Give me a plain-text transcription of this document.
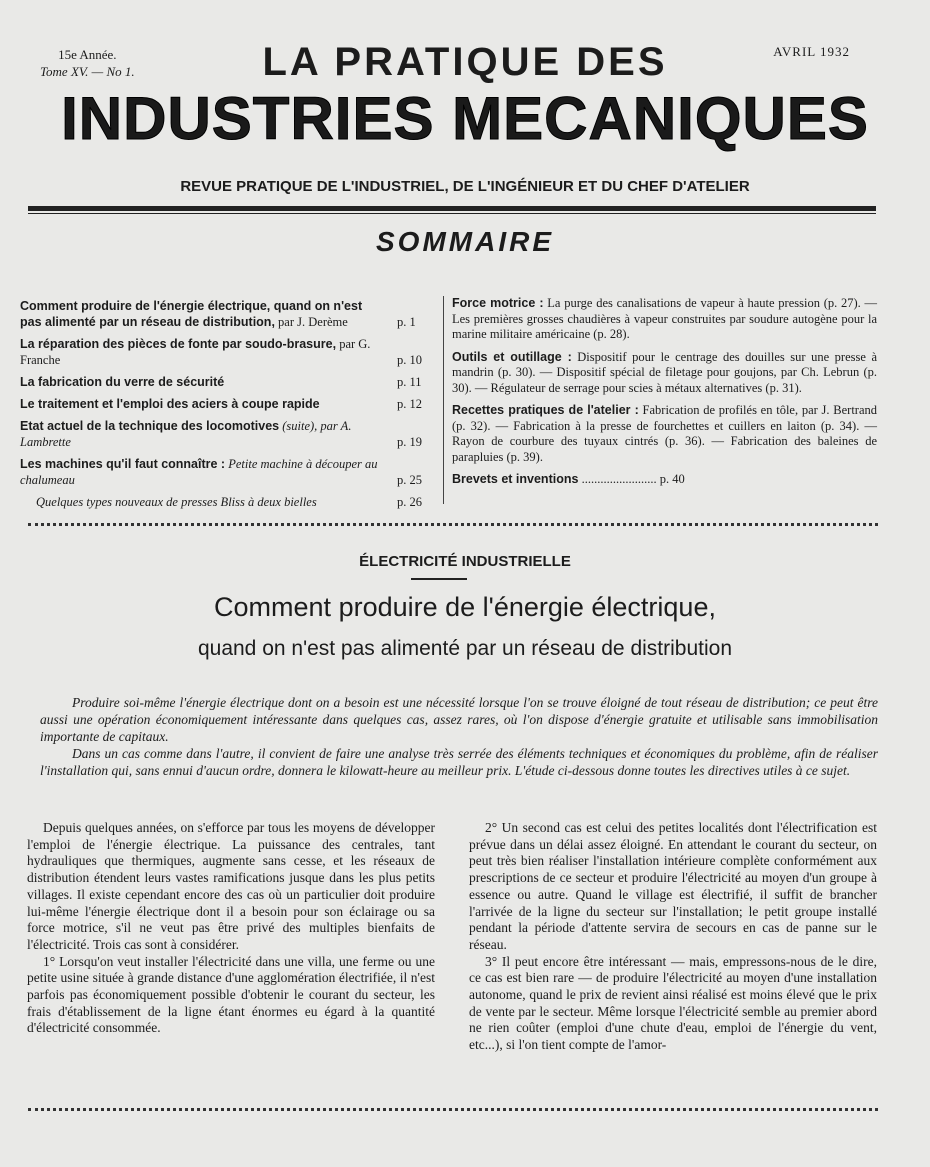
15e Année.
Tome XV. — No 1.
AVRIL 1932
LA PRATIQUE DES
INDUSTRIES MECANIQUES
REVUE PRATIQUE DE L'INDUSTRIEL, DE L'INGÉNIEUR ET DU CHEF D'ATELIER
SOMMAIRE
Comment produire de l'énergie électrique, quand on n'est pas alimenté par un réseau de distribution, par J. Derème	p. 1
La réparation des pièces de fonte par soudo-brasure, par G. Franche	p. 10
La fabrication du verre de sécurité	p. 11
Le traitement et l'emploi des aciers à coupe rapide	p. 12
Etat actuel de la technique des locomotives (suite), par A. Lambrette	p. 19
Les machines qu'il faut connaître : Petite machine à découper au chalumeau	p. 25
Quelques types nouveaux de presses Bliss à deux bielles	p. 26
Force motrice : La purge des canalisations de vapeur à haute pression (p. 27). — Les premières grosses chaudières à vapeur construites par soudure autogène pour la marine militaire américaine (p. 28).
Outils et outillage : Dispositif pour le centrage des douilles sur une presse à mandrin (p. 30). — Dispositif spécial de filetage pour goujons, par Ch. Lebrun (p. 30). — Régulateur de serrage pour scies à métaux alternatives (p. 31).
Recettes pratiques de l'atelier : Fabrication de profilés en tôle, par J. Bertrand (p. 32). — Fabrication à la presse de fourchettes et cuillers en laiton (p. 34). — Rayon de courbure des tuyaux cintrés (p. 36). — Fabrication des baleines de parapluies (p. 39).
Brevets et inventions ........................ p. 40
ÉLECTRICITÉ INDUSTRIELLE
Comment produire de l'énergie électrique,
quand on n'est pas alimenté par un réseau de distribution

Produire soi-même l'énergie électrique dont on a besoin est une nécessité lorsque l'on se trouve éloigné de tout réseau de distribution; ce peut être aussi une opération économiquement intéressante dans quelques cas, assez rares, où l'on dispose d'énergie gratuite et utilisable sans immobilisation importante de capitaux.

Dans un cas comme dans l'autre, il convient de faire une analyse très serrée des éléments techniques et économiques du problème, afin de réaliser l'installation qui, sans ennui d'aucun ordre, donnera le kilowatt-heure au meilleur prix. L'étude ci-dessous donne toutes les directives utiles à ce sujet.

Depuis quelques années, on s'efforce par tous les moyens de développer l'emploi de l'énergie électrique. La puissance des centrales, tant hydrauliques que thermiques, augmente sans cesse, et les réseaux de distribution étendent leurs vastes ramifications jusque dans les plus petits villages. Il existe cependant encore des cas où un particulier doit produire lui-même l'énergie électrique dont il a besoin pour son éclairage ou sa force motrice, s'il ne veut pas être privé des multiples bienfaits de l'électricité. Trois cas sont à considérer.

1° Lorsqu'on veut installer l'électricité dans une villa, une ferme ou une petite usine située à grande distance d'une agglomération électrifiée, il n'est parfois pas économiquement possible d'obtenir le courant du secteur, les frais d'établissement de la ligne étant énormes eu égard à la quantité d'électricité consommée.

2° Un second cas est celui des petites localités dont l'électrification est prévue dans un délai assez éloigné. En attendant le courant du secteur, on peut très bien réaliser l'installation intérieure complète conformément aux prescriptions de ce secteur et produire l'électricité au moyen d'un groupe à essence ou autre. Quand le village est électrifié, il suffit de brancher l'arrivée de la ligne du secteur sur l'installation; le petit groupe installé pendant la période d'attente servira de secours en cas de panne sur le réseau.

3° Il peut encore être intéressant — mais, empressons-nous de le dire, ce cas est bien rare — de produire l'électricité au moyen d'une installation autonome, quand le prix de revient ainsi réalisé est moins élevé que le prix de vente par le secteur. Même lorsque l'électricité semble au premier abord ne rien coûter (emploi d'une chute d'eau, emploi de l'énergie du vent, etc...), si l'on tient compte de l'amor-
